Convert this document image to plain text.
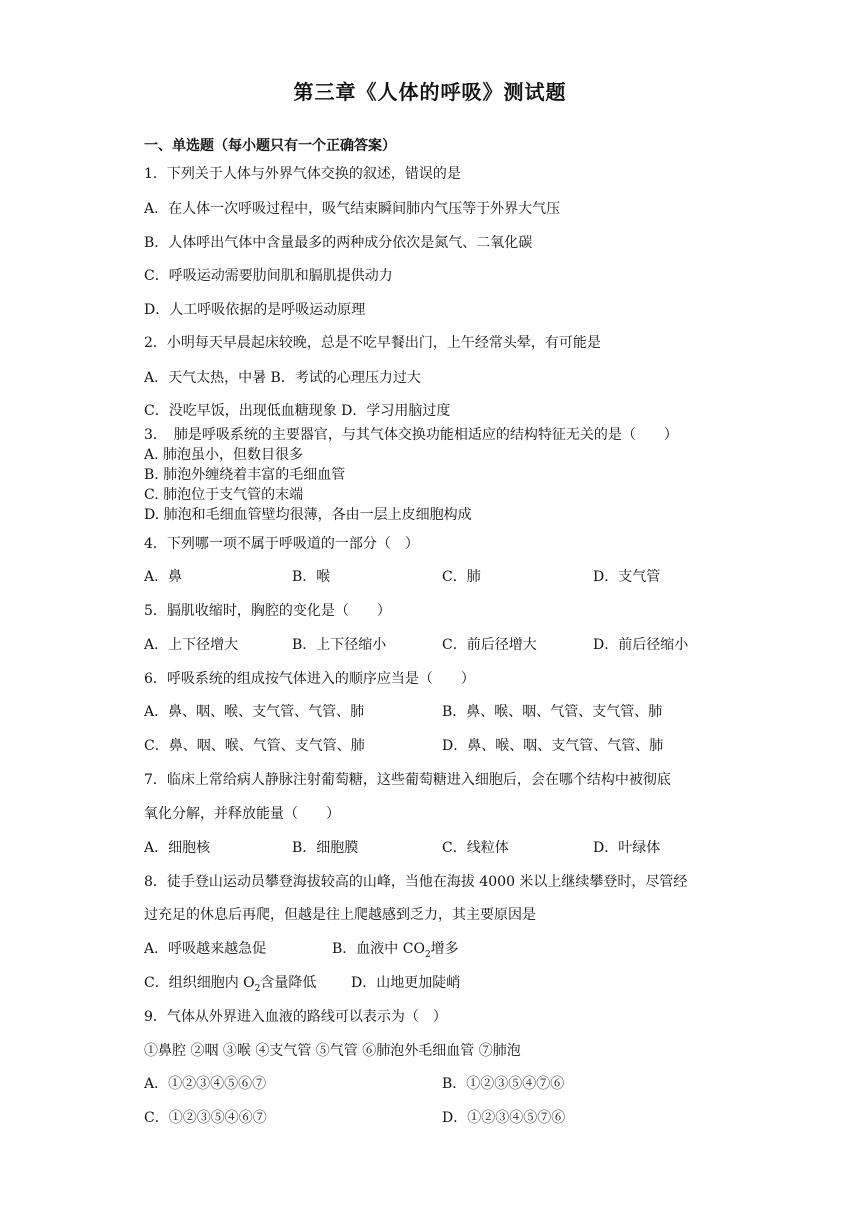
第三章《人体的呼吸》测试题
一、单选题（每小题只有一个正确答案）
1．下列关于人体与外界气体交换的叙述，错误的是
A．在人体一次呼吸过程中，吸气结束瞬间肺内气压等于外界大气压
B．人体呼出气体中含量最多的两种成分依次是氮气、二氧化碳
C．呼吸运动需要肋间肌和膈肌提供动力
D．人工呼吸依据的是呼吸运动原理
2．小明每天早晨起床较晚，总是不吃早餐出门，上午经常头晕，有可能是
A．天气太热，中暑 B．考试的心理压力过大
C．没吃早饭，出现低血糖现象 D．学习用脑过度
3．　肺是呼吸系统的主要器官，与其气体交换功能相适应的结构特征无关的是（　　）
A. 肺泡虽小，但数目很多
B. 肺泡外缠绕着丰富的毛细血管
C. 肺泡位于支气管的末端
D. 肺泡和毛细血管壁均很薄，各由一层上皮细胞构成
4．下列哪一项不属于呼吸道的一部分（　）
A．鼻	B．喉	C．肺	D．支气管
5．膈肌收缩时，胸腔的变化是（　　）
A．上下径增大	B．上下径缩小	C．前后径增大	D．前后径缩小
6．呼吸系统的组成按气体进入的顺序应当是（　　）
A．鼻、咽、喉、支气管、气管、肺	B．鼻、喉、咽、气管、支气管、肺
C．鼻、咽、喉、气管、支气管、肺	D．鼻、喉、咽、支气管、气管、肺
7．临床上常给病人静脉注射葡萄糖，这些葡萄糖进入细胞后，会在哪个结构中被彻底
氧化分解，并释放能量（　　）
A．细胞核	B．细胞膜	C．线粒体	D．叶绿体
8．徒手登山运动员攀登海拔较高的山峰，当他在海拔 4000 米以上继续攀登时，尽管经
过充足的休息后再爬，但越是往上爬越感到乏力，其主要原因是
A．呼吸越来越急促	B．血液中 $CO_2$增多
C．组织细胞内 $O_2$含量降低 D．山地更加陡峭
9．气体从外界进入血液的路线可以表示为（　）
①鼻腔 ②咽 ③喉 ④支气管 ⑤气管 ⑥肺泡外毛细血管 ⑦肺泡
A．①②③④⑤⑥⑦	B．①②③⑤④⑦⑥
C．①②③⑤④⑥⑦	D．①②③④⑤⑦⑥
